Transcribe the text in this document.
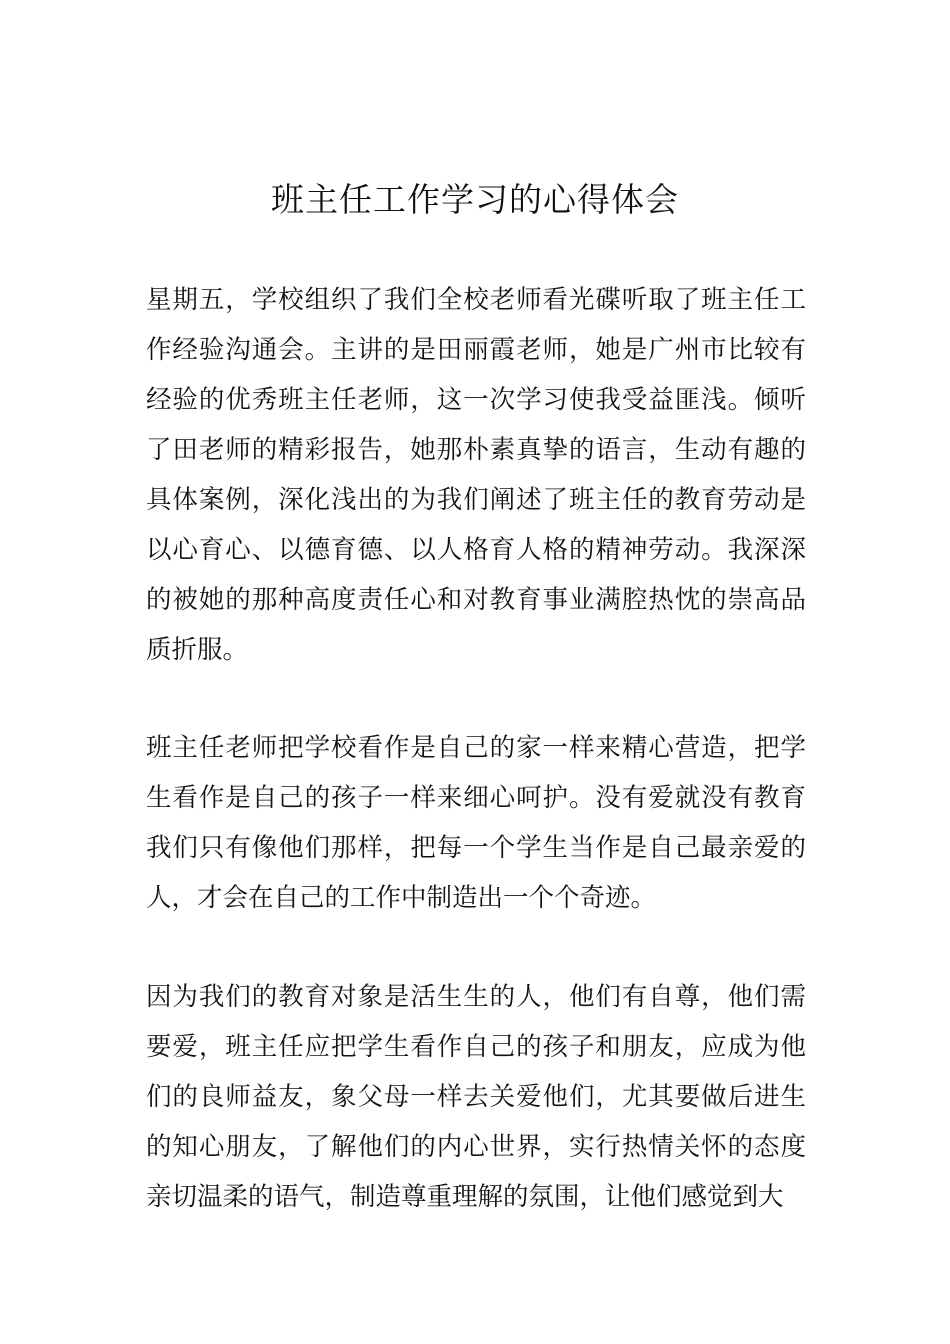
班主任工作学习的心得体会

星期五，学校组织了我们全校老师看光碟听取了班主任工作经验沟通会。主讲的是田丽霞老师，她是广州市比较有经验的优秀班主任老师，这一次学习使我受益匪浅。倾听了田老师的精彩报告，她那朴素真挚的语言，生动有趣的具体案例，深化浅出的为我们阐述了班主任的教育劳动是以心育心、以德育德、以人格育人格的精神劳动。我深深的被她的那种高度责任心和对教育事业满腔热忱的崇高品质折服。

班主任老师把学校看作是自己的家一样来精心营造，把学生看作是自己的孩子一样来细心呵护。没有爱就没有教育我们只有像他们那样，把每一个学生当作是自己最亲爱的人，才会在自己的工作中制造出一个个奇迹。

因为我们的教育对象是活生生的人，他们有自尊，他们需要爱，班主任应把学生看作自己的孩子和朋友，应成为他们的良师益友，象父母一样去关爱他们，尤其要做后进生的知心朋友，了解他们的内心世界，实行热情关怀的态度亲切温柔的语气，制造尊重理解的氛围，让他们感觉到大
